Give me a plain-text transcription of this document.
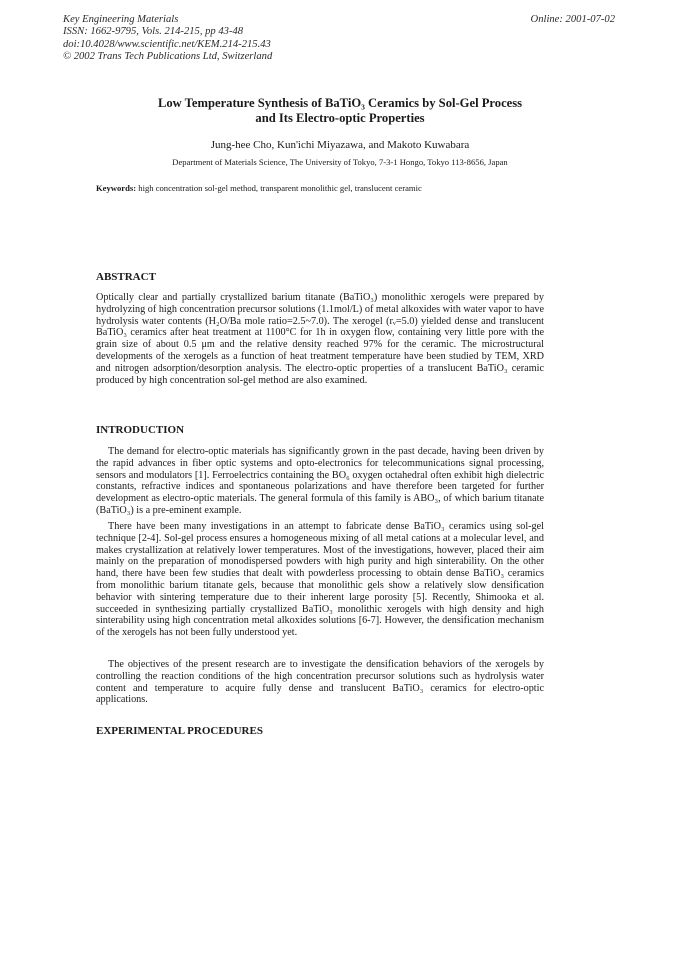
Key Engineering Materials
ISSN: 1662-9795, Vols. 214-215, pp 43-48
doi:10.4028/www.scientific.net/KEM.214-215.43
© 2002 Trans Tech Publications Ltd, Switzerland
Online: 2001-07-02
Low Temperature Synthesis of BaTiO₃ Ceramics by Sol-Gel Process
and Its Electro-optic Properties
Jung-hee Cho, Kun'ichi Miyazawa, and Makoto Kuwabara
Department of Materials Science, The University of Tokyo, 7-3-1 Hongo, Tokyo 113-8656, Japan
Keywords: high concentration sol-gel method, transparent monolithic gel, translucent ceramic
ABSTRACT
Optically clear and partially crystallized barium titanate (BaTiO₃) monolithic xerogels were prepared by hydrolyzing of high concentration precursor solutions (1.1mol/L) of metal alkoxides with water vapor to have hydrolysis water contents (H₂O/Ba mole ratio=2.5~7.0). The xerogel (rᵥ=5.0) yielded dense and translucent BaTiO₃ ceramics after heat treatment at 1100°C for 1h in oxygen flow, containing very little pore with the grain size of about 0.5 μm and the relative density reached 97% for the ceramic. The microstructural developments of the xerogels as a function of heat treatment temperature have been studied by TEM, XRD and nitrogen adsorption/desorption analysis. The electro-optic properties of a translucent BaTiO₃ ceramic produced by high concentration sol-gel method are also examined.
INTRODUCTION
The demand for electro-optic materials has significantly grown in the past decade, having been driven by the rapid advances in fiber optic systems and opto-electronics for telecommunications signal processing, sensors and modulators [1]. Ferroelectrics containing the BO₆ oxygen octahedral often exhibit high dielectric constants, refractive indices and spontaneous polarizations and have therefore been targeted for further development as electro-optic materials. The general formula of this family is ABO₃, of which barium titanate (BaTiO₃) is a pre-eminent example.
There have been many investigations in an attempt to fabricate dense BaTiO₃ ceramics using sol-gel technique [2-4]. Sol-gel process ensures a homogeneous mixing of all metal cations at a molecular level, and makes crystallization at relatively lower temperatures. Most of the investigations, however, placed their aim mainly on the preparation of monodispersed powders with high purity and high sinterability. On the other hand, there have been few studies that dealt with powderless processing to obtain dense BaTiO₃ ceramics from monolithic barium titanate gels, because that monolithic gels show a relatively slow densification behavior with sintering temperature due to their inherent large porosity [5]. Recently, Shimooka et al. succeeded in synthesizing partially crystallized BaTiO₃ monolithic xerogels with high density and high sinterability using high concentration metal alkoxides solutions [6-7]. However, the densification mechanism of the xerogels has not been fully understood yet.
The objectives of the present research are to investigate the densification behaviors of the xerogels by controlling the reaction conditions of the high concentration precursor solutions such as hydrolysis water content and temperature to acquire fully dense and translucent BaTiO₃ ceramics for electro-optic applications.
EXPERIMENTAL PROCEDURES
